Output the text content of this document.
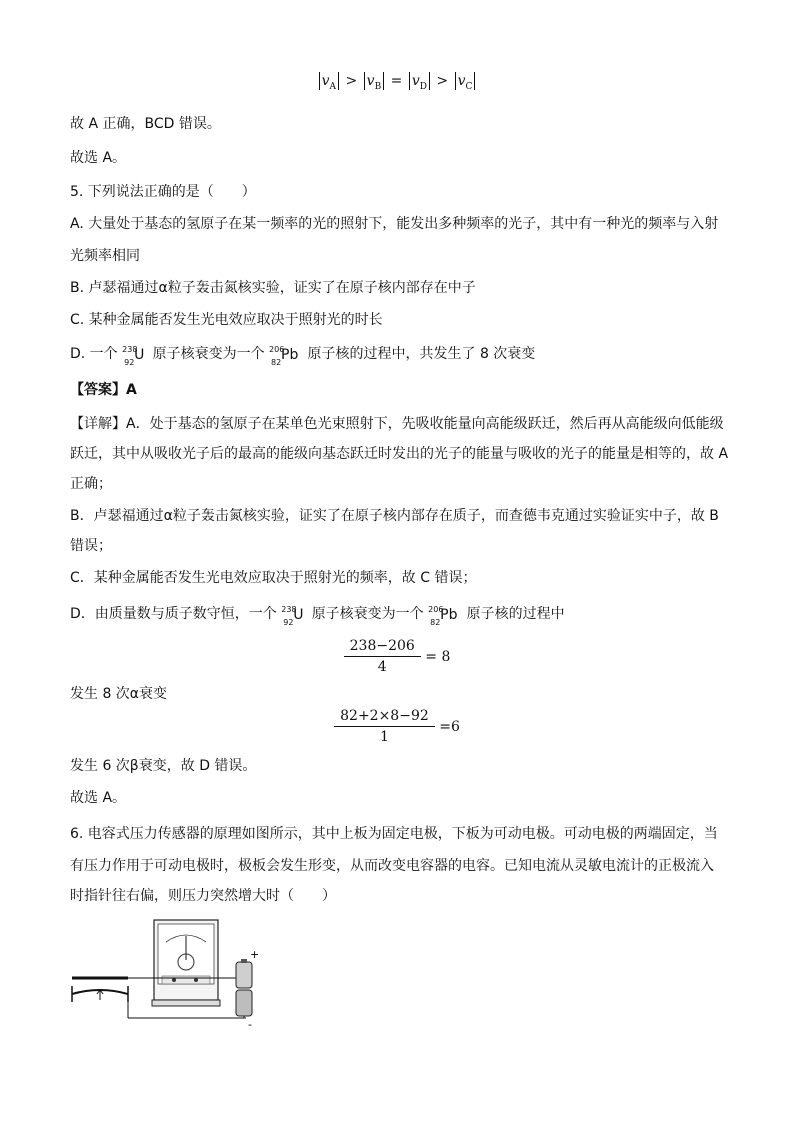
$v_A > v_B = v_D > v_C$
故 A 正确，BCD 错误。
故选 A。
5. 下列说法正确的是（　　）
A. 大量处于基态的氢原子在某一频率的光的照射下，能发出多种频率的光子，其中有一种光的频率与入射
光频率相同
B. 卢瑟福通过α粒子轰击氮核实验，证实了在原子核内部存在中子
C. 某种金属能否发生光电效应取决于照射光的时长
D. 一个 238
92 U 原子核衰变为一个 206
82 Pb 原子核的过程中，共发生了 8 次衰变
【答案】A
【详解】A．处于基态的氢原子在某单色光束照射下，先吸收能量向高能级跃迁，然后再从高能级向低能级
跃迁，其中从吸收光子后的最高的能级向基态跃迁时发出的光子的能量与吸收的光子的能量是相等的，故 A
正确；
B．卢瑟福通过α粒子轰击氮核实验，证实了在原子核内部存在质子，而查德韦克通过实验证实中子，故 B
错误；
C．某种金属能否发生光电效应取决于照射光的频率，故 C 错误；
D．由质量数与质子数守恒，一个 238
92 U 原子核衰变为一个 206
82 Pb 原子核的过程中
$\frac{238-206}{4} = 8$
发生 8 次α衰变
$\frac{82+2\times 8-92}{1} =6$
发生 6 次β衰变，故 D 错误。
故选 A。
6. 电容式压力传感器的原理如图所示，其中上板为固定电极，下板为可动电极。可动电极的两端固定，当
有压力作用于可动电极时，极板会发生形变，从而改变电容器的电容。已知电流从灵敏电流计的正极流入
时指针往右偏，则压力突然增大时（　　）
+
-
